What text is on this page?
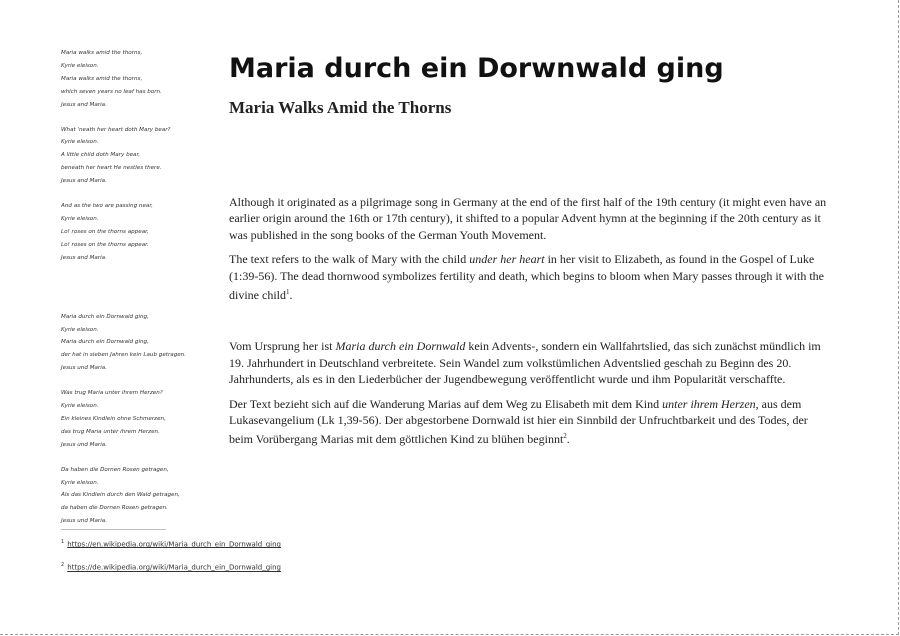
Maria walks amid the thorns,
Kyrie eleison.
Maria walks amid the thorns,
which seven years no leaf has born.
Jesus and Maria.
What 'neath her heart doth Mary bear?
Kyrie eleison.
A little child doth Mary bear,
beneath her heart He nestles there.
Jesus and Maria.
And as the two are passing near,
Kyrie eleison.
Lo! roses on the thorns appear,
Lo! roses on the thorns appear.
Jesus and Maria.
Maria durch ein Dornwald ging,
Kyrie eleison.
Maria durch ein Dornwald ging,
der hat in sieben Jahren kein Laub getragen.
Jesus und Maria.
Was trug Maria unter ihrem Herzen?
Kyrie eleison.
Ein kleines Kindlein ohne Schmerzen,
das trug Maria unter ihrem Herzen.
Jesus und Maria.
Da haben die Dornen Rosen getragen,
Kyrie eleison.
Als das Kindlein durch den Wald getragen,
da haben die Dornen Rosen getragen.
Jesus und Maria.

$^1$ https://en.wikipedia.org/wiki/Maria_durch_ein_Dornwald_ging

$^2$ https://de.wikipedia.org/wiki/Maria_durch_ein_Dornwald_ging

Maria durch ein Dorwnwald ging
Maria Walks Amid the Thorns

Although it originated as a pilgrimage song in Germany at the end of the first half of the 19th century (it might even have an earlier origin around the 16th or 17th century), it shifted to a popular Advent hymn at the beginning if the 20th century as it was published in the song books of the German Youth Movement.

The text refers to the walk of Mary with the child under her heart in her visit to Elizabeth, as found in the Gospel of Luke (1:39-56). The dead thornwood symbolizes fertility and death, which begins to bloom when Mary passes through it with the divine child$^1$.

Vom Ursprung her ist Maria durch ein Dornwald kein Advents-, sondern ein Wallfahrtslied, das sich zunächst mündlich im 19. Jahrhundert in Deutschland verbreitete. Sein Wandel zum volkstümlichen Adventslied geschah zu Beginn des 20. Jahrhunderts, als es in den Liederbücher der Jugendbewegung veröffentlicht wurde und ihm Popularität verschaffte.

Der Text bezieht sich auf die Wanderung Marias auf dem Weg zu Elisabeth mit dem Kind unter ihrem Herzen, aus dem Lukasevangelium (Lk 1,39-56). Der abgestorbene Dornwald ist hier ein Sinnbild der Unfruchtbarkeit und des Todes, der beim Vorübergang Marias mit dem göttlichen Kind zu blühen beginnt$^2$.
